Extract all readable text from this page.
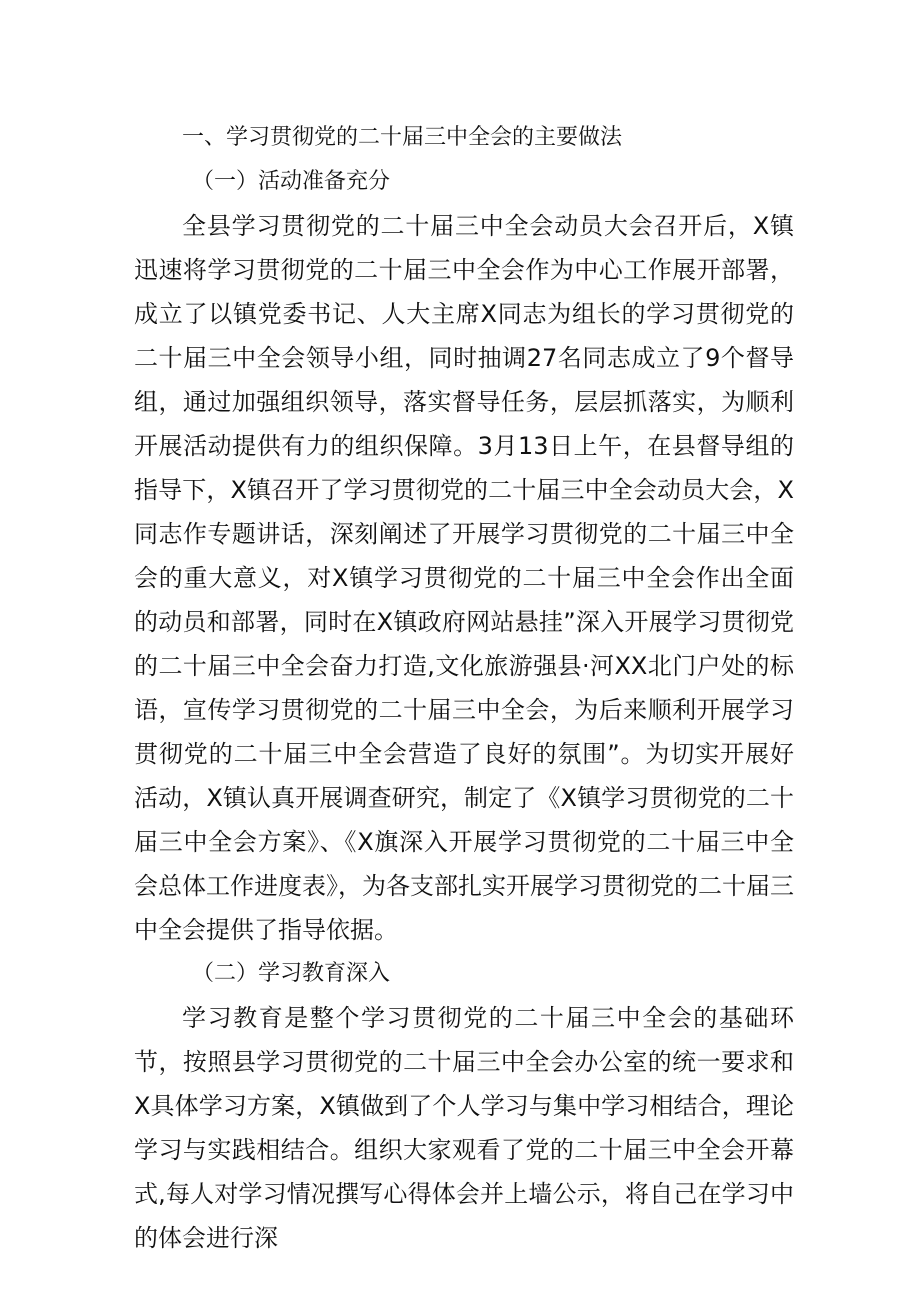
一、学习贯彻党的二十届三中全会的主要做法
（一）活动准备充分

全县学习贯彻党的二十届三中全会动员大会召开后，X镇迅速将学习贯彻党的二十届三中全会作为中心工作展开部署，成立了以镇党委书记、人大主席X同志为组长的学习贯彻党的二十届三中全会领导小组，同时抽调27名同志成立了9个督导组，通过加强组织领导，落实督导任务，层层抓落实，为顺利开展活动提供有力的组织保障。3月13日上午，在县督导组的指导下，X镇召开了学习贯彻党的二十届三中全会动员大会，X同志作专题讲话，深刻阐述了开展学习贯彻党的二十届三中全会的重大意义，对X镇学习贯彻党的二十届三中全会作出全面的动员和部署，同时在X镇政府网站悬挂”深入开展学习贯彻党的二十届三中全会奋力打造,文化旅游强县·河XX北门户处的标语，宣传学习贯彻党的二十届三中全会，为后来顺利开展学习贯彻党的二十届三中全会营造了良好的氛围”。为切实开展好活动，X镇认真开展调查研究，制定了《X镇学习贯彻党的二十届三中全会方案》、《X旗深入开展学习贯彻党的二十届三中全会总体工作进度表》，为各支部扎实开展学习贯彻党的二十届三中全会提供了指导依据。

（二）学习教育深入

学习教育是整个学习贯彻党的二十届三中全会的基础环节，按照县学习贯彻党的二十届三中全会办公室的统一要求和X具体学习方案，X镇做到了个人学习与集中学习相结合，理论学习与实践相结合。组织大家观看了党的二十届三中全会开幕式,每人对学习情况撰写心得体会并上墙公示，将自己在学习中的体会进行深
